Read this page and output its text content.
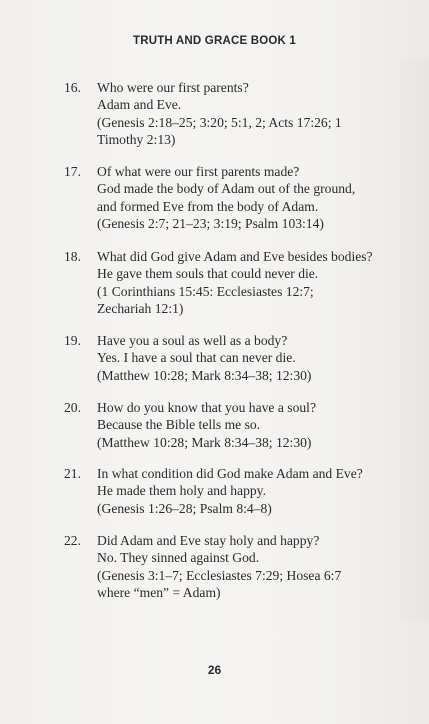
TRUTH AND GRACE BOOK 1
16.	Who were our first parents?
Adam and Eve.
(Genesis 2:18–25; 3:20; 5:1, 2; Acts 17:26; 1
Timothy 2:13)
17.	Of what were our first parents made?
God made the body of Adam out of the ground,
and formed Eve from the body of Adam.
(Genesis 2:7; 21–23; 3:19; Psalm 103:14)
18.	What did God give Adam and Eve besides bodies?
He gave them souls that could never die.
(1 Corinthians 15:45: Ecclesiastes 12:7;
Zechariah 12:1)
19.	Have you a soul as well as a body?
Yes. I have a soul that can never die.
(Matthew 10:28; Mark 8:34–38; 12:30)
20.	How do you know that you have a soul?
Because the Bible tells me so.
(Matthew 10:28; Mark 8:34–38; 12:30)
21.	In what condition did God make Adam and Eve?
He made them holy and happy.
(Genesis 1:26–28; Psalm 8:4–8)
22.	Did Adam and Eve stay holy and happy?
No. They sinned against God.
(Genesis 3:1–7; Ecclesiastes 7:29; Hosea 6:7
where “men” = Adam)
26
